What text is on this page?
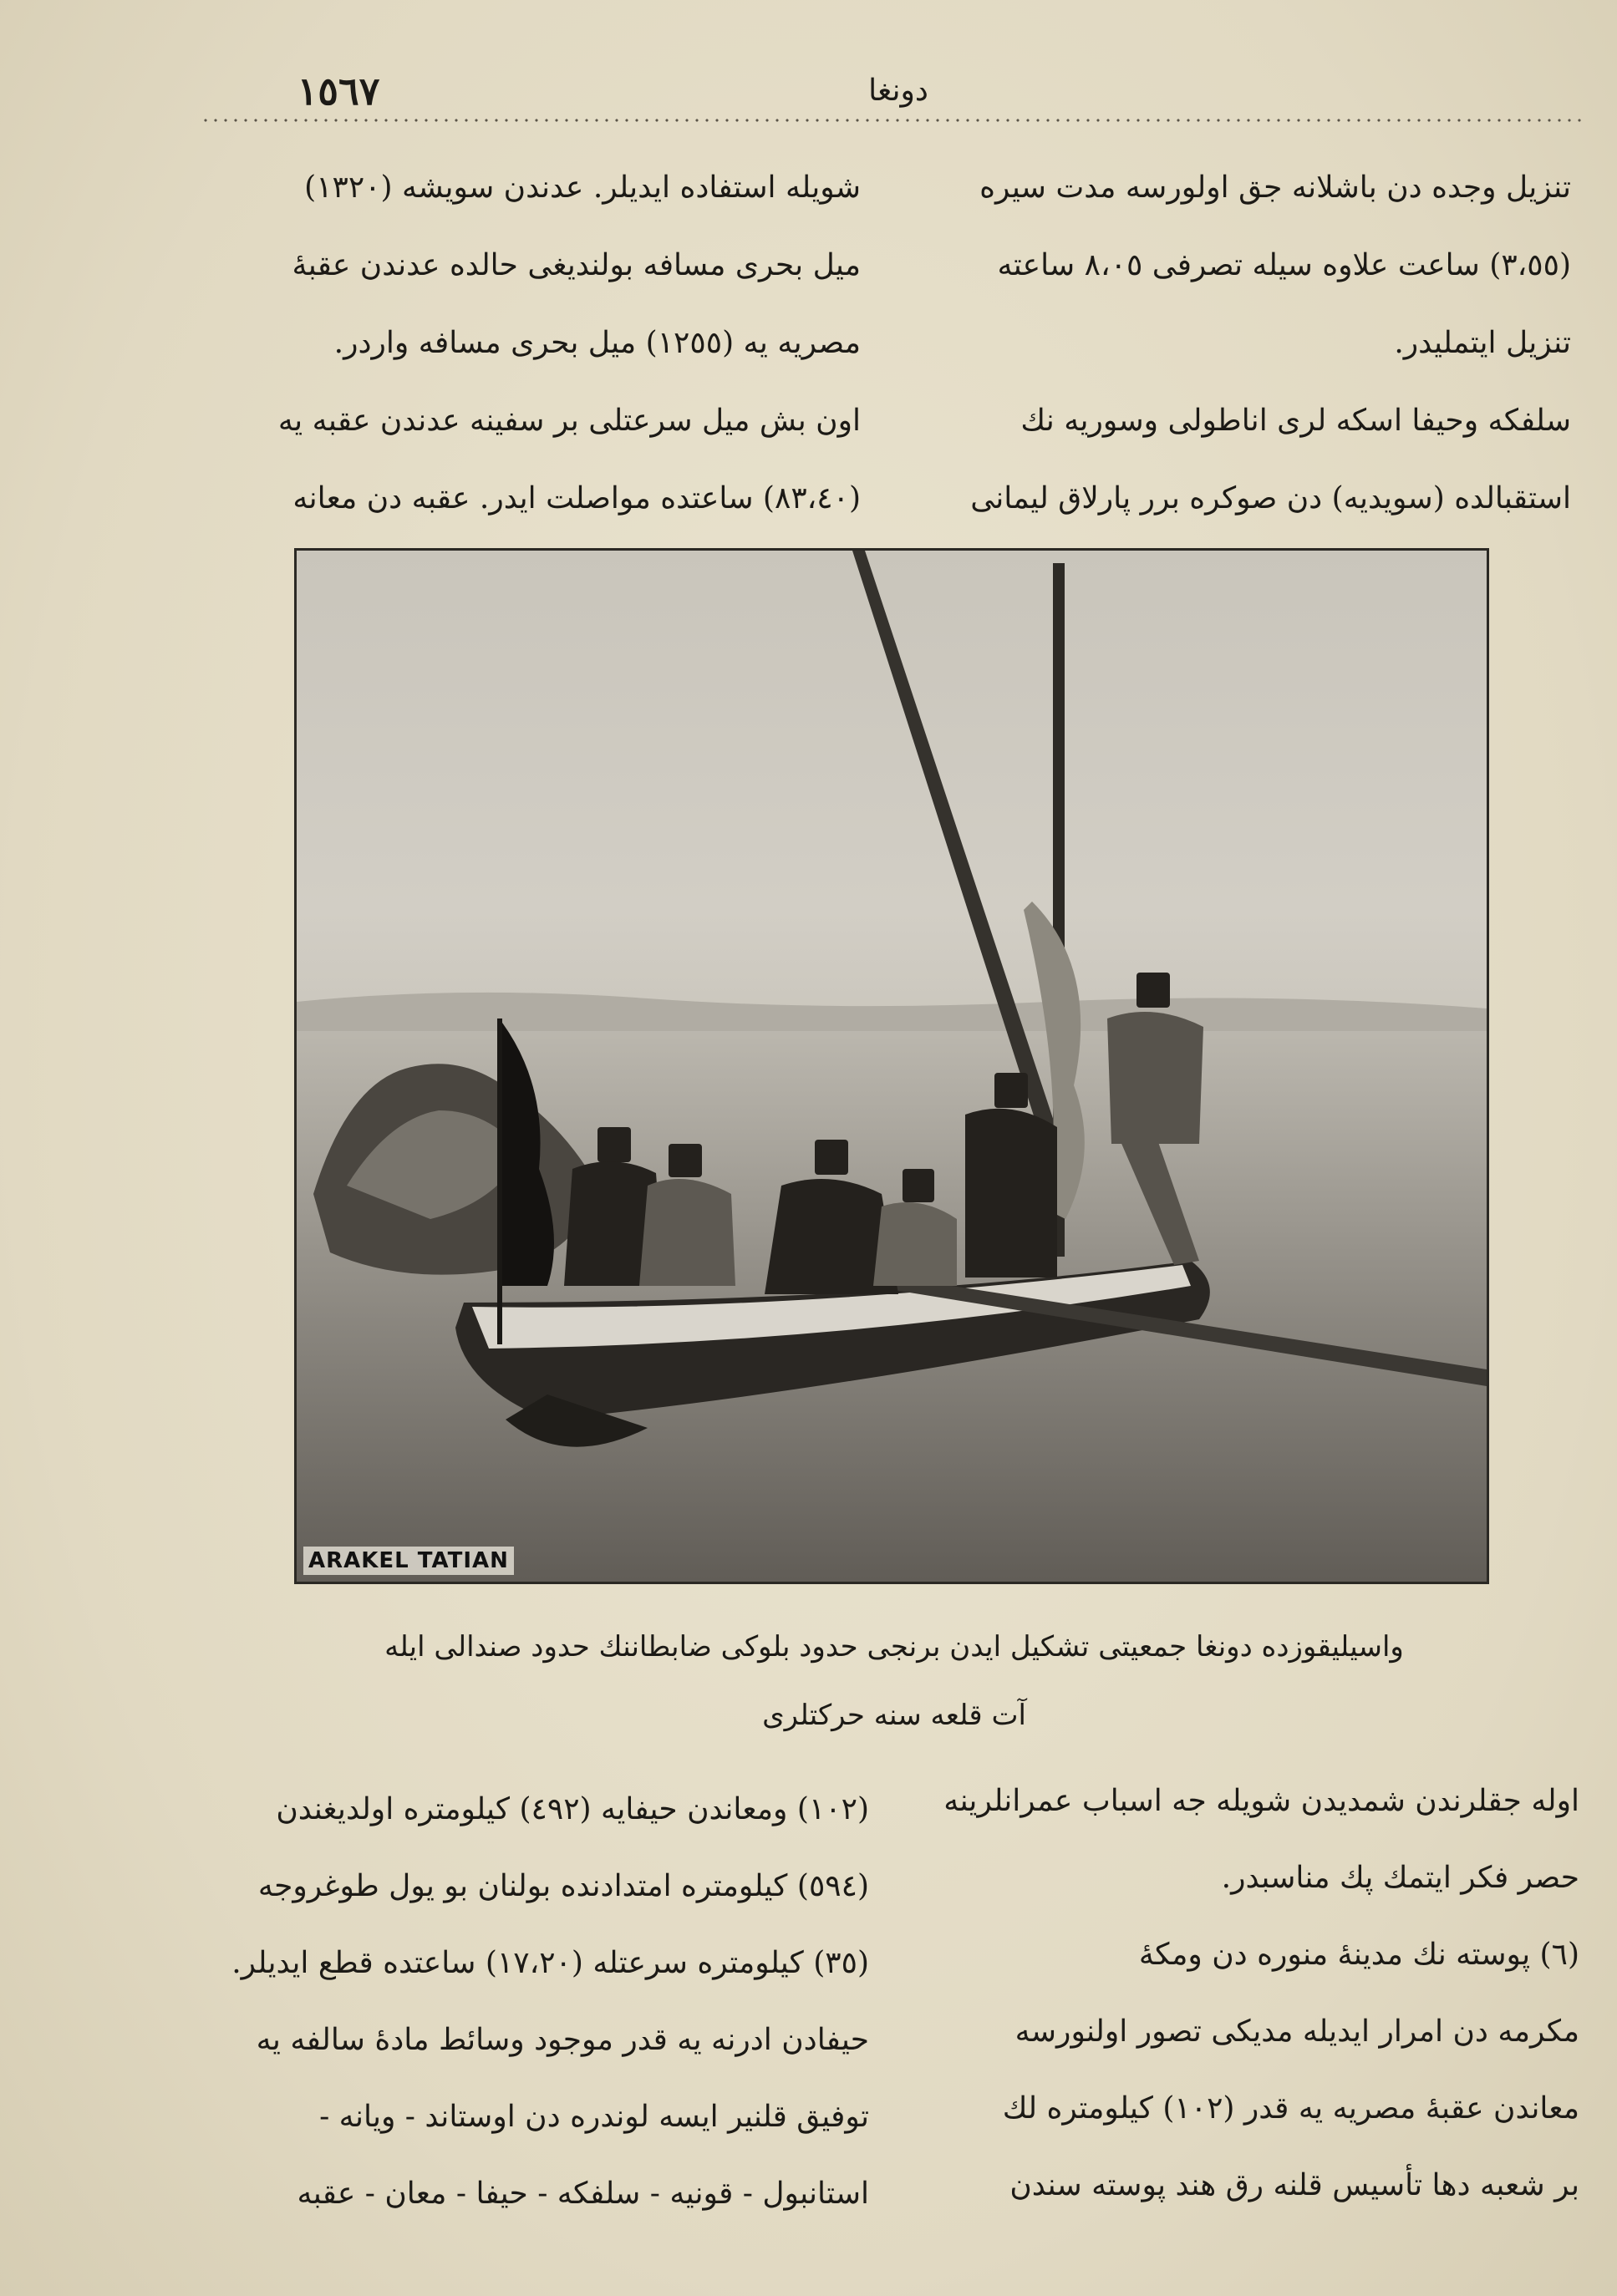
١٥٦٧	دونغا
تنزيل وجده دن باشلانه جق اولورسه مدت سيره
(٣،٥٥) ساعت علاوه سيله تصرفى ٨،٠٥ ساعته
تنزيل ايتمليدر.
سلفكه وحيفا اسكه لرى اناطولى وسوريه نك
استقبالده (سويديه) دن صوكره برر پارلاق ليمانى
شويله استفاده ايديلر. عدندن سويشه (١٣٢٠)
ميل بحرى مسافه بولنديغى حالده عدندن عقبهٔ
مصريه يه (١٢٥٥) ميل بحرى مسافه واردر.
اون بش ميل سرعتلى بر سفينه عدندن عقبه يه
(٨٣،٤٠) ساعتده مواصلت ايدر. عقبه دن معانه
ARAKEL TATIAN
واسيليقوزده دونغا جمعيتى تشكيل ايدن برنجى حدود بلوكى ضابطاننك حدود صندالى ايله
آت قلعه سنه حركتلرى
اوله جقلرندن شمديدن شويله جه اسباب عمرانلرينه
حصر فكر ايتمك پك مناسبدر.
(٦) پوسته نك مدينهٔ منوره دن ومكهٔ
مكرمه دن امرار ايديله مديكى تصور اولنورسه
معاندن عقبهٔ مصريه يه قدر (١٠٢) كيلومتره لك
بر شعبه دها تأسيس قلنه رق هند پوسته سندن
(١٠٢) ومعاندن حيفايه (٤٩٢) كيلومتره اولديغندن
(٥٩٤) كيلومتره امتدادنده بولنان بو يول طوغروجه
(٣٥) كيلومتره سرعتله (١٧،٢٠) ساعتده قطع ايديلر.
حيفادن ادرنه يه قدر موجود وسائط مادهٔ سالفه يه
توفيق قلنير ايسه لوندره دن اوستاند - ويانه -
استانبول - قونيه - سلفكه - حيفا - معان - عقبه
